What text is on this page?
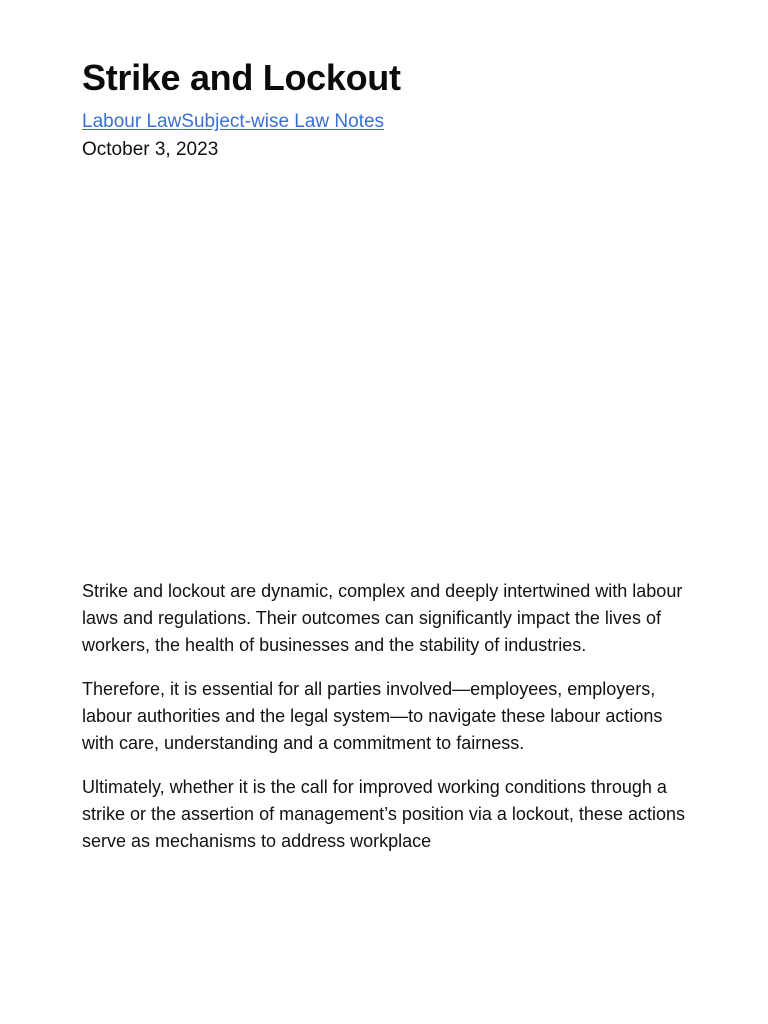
Strike and Lockout
Labour LawSubject-wise Law Notes
October 3, 2023

Strike and lockout are dynamic, complex and deeply intertwined with labour laws and regulations. Their outcomes can significantly impact the lives of workers, the health of businesses and the stability of industries.

Therefore, it is essential for all parties involved—employees, employers, labour authorities and the legal system—to navigate these labour actions with care, understanding and a commitment to fairness.

Ultimately, whether it is the call for improved working conditions through a strike or the assertion of management’s position via a lockout, these actions serve as mechanisms to address workplace
